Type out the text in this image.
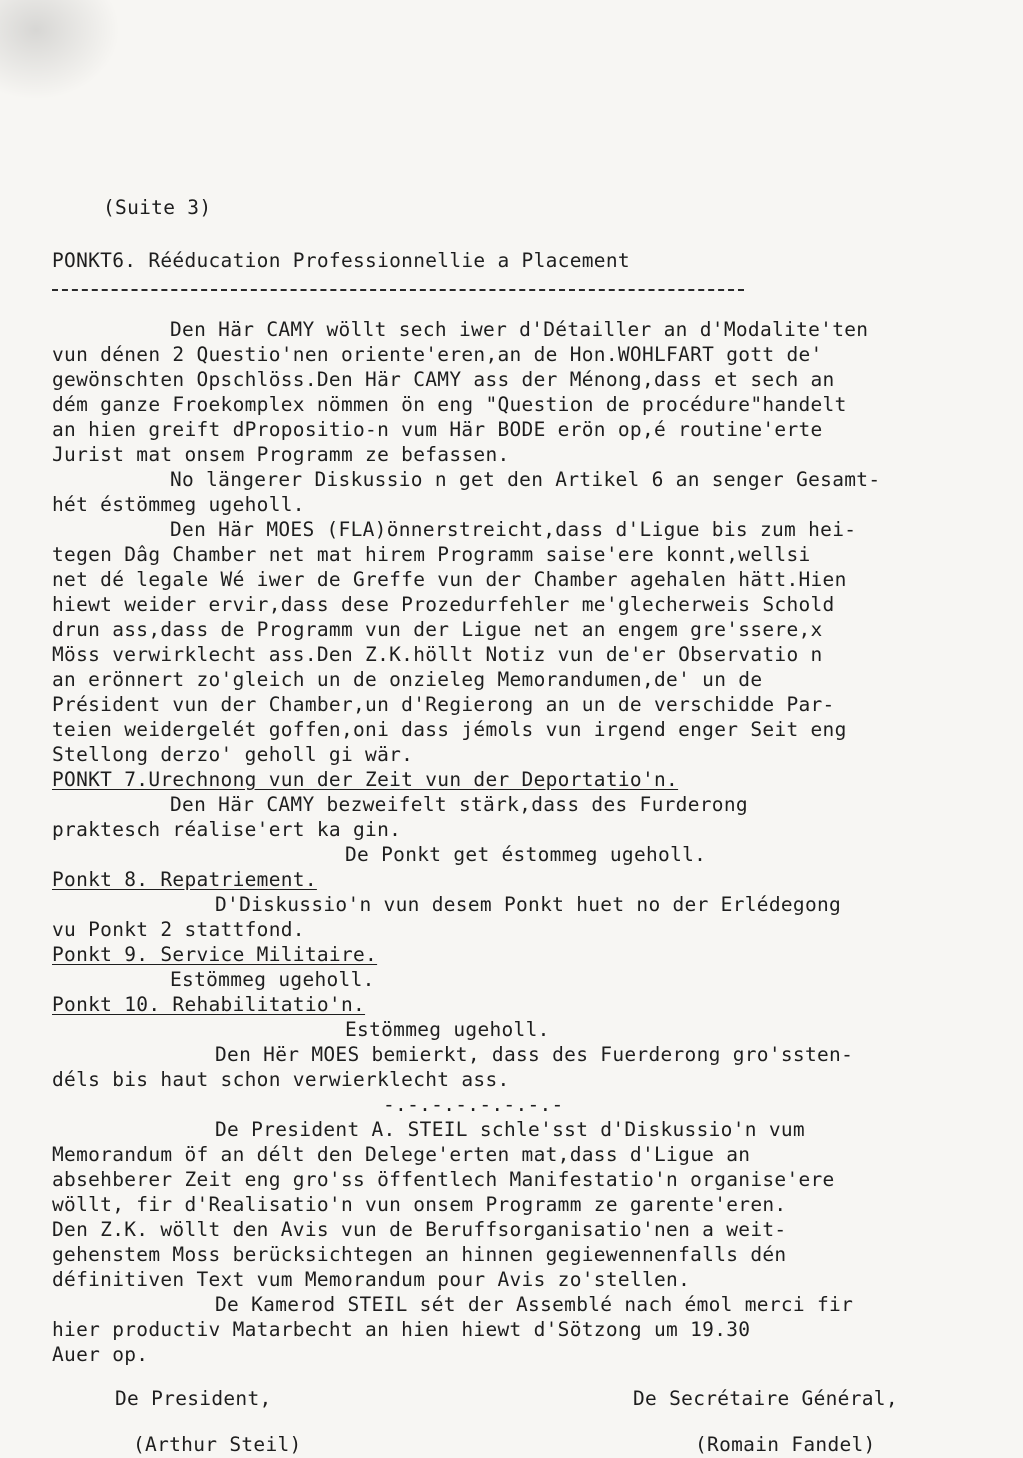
(Suite 3)
PONKT6. Rééducation Professionnellie a Placement
Den Här CAMY wöllt sech iwer d'Détailler an d'Modalite'ten
vun dénen 2 Questio'nen oriente'eren,an de Hon.WOHLFART gott de'
gewönschten Opschlöss.Den Här CAMY ass der Ménong,dass et sech an
dém ganze Froekomplex nömmen ön eng "Question de procédure"handelt
an hien greift dPropositio-n vum Här BODE erön op,é routine'erte
Jurist mat onsem Programm ze befassen.
No längerer Diskussio n get den Artikel 6 an senger Gesamt-
hét éstömmeg ugeholl.
Den Här MOES (FLA)önnerstreicht,dass d'Ligue bis zum hei-
tegen Dâg Chamber net mat hirem Programm saise'ere konnt,wellsi
net dé legale Wé iwer de Greffe vun der Chamber agehalen hätt.Hien
hiewt weider ervir,dass dese Prozedurfehler me'glecherweis Schold
drun ass,dass de Programm vun der Ligue net an engem gre'ssere,x
Möss verwirklecht ass.Den Z.K.höllt Notiz vun de'er Observatio n
an erönnert zo'gleich un de onzieleg Memorandumen,de' un de
Président vun der Chamber,un d'Regierong an un de verschidde Par-
teien weidergelét goffen,oni dass jémols vun irgend enger Seit eng
Stellong derzo' geholl gi wär.
PONKT 7.Urechnong vun der Zeit vun der Deportatio'n.
Den Här CAMY bezweifelt stärk,dass des Furderong
praktesch réalise'ert ka gin.
De Ponkt get éstommeg ugeholl.
Ponkt 8. Repatriement.
D'Diskussio'n vun desem Ponkt huet no der Erlédegong
vu Ponkt 2 stattfond.
Ponkt 9. Service Militaire.
Estömmeg ugeholl.
Ponkt 10. Rehabilitatio'n.
Estömmeg ugeholl.
Den Hër MOES bemierkt, dass des Fuerderong gro'ssten-
déls bis haut schon verwierklecht ass.
-.-.-.-.-.-.-.-
De President A. STEIL schle'sst d'Diskussio'n vum
Memorandum öf an délt den Delege'erten mat,dass d'Ligue an
absehberer Zeit eng gro'ss öffentlech Manifestatio'n organise'ere
wöllt, fir d'Realisatio'n vun onsem Programm ze garente'eren.
Den Z.K. wöllt den Avis vun de Beruffsorganisatio'nen a weit-
gehenstem Moss berücksichtegen an hinnen gegiewennenfalls dén
définitiven Text vum Memorandum pour Avis zo'stellen.
De Kamerod STEIL sét der Assemblé nach émol merci fir
hier productiv Matarbecht an hien hiewt d'Sötzong um 19.30
Auer op.
De President,	De Secrétaire Général,
(Arthur Steil)	(Romain Fandel)
